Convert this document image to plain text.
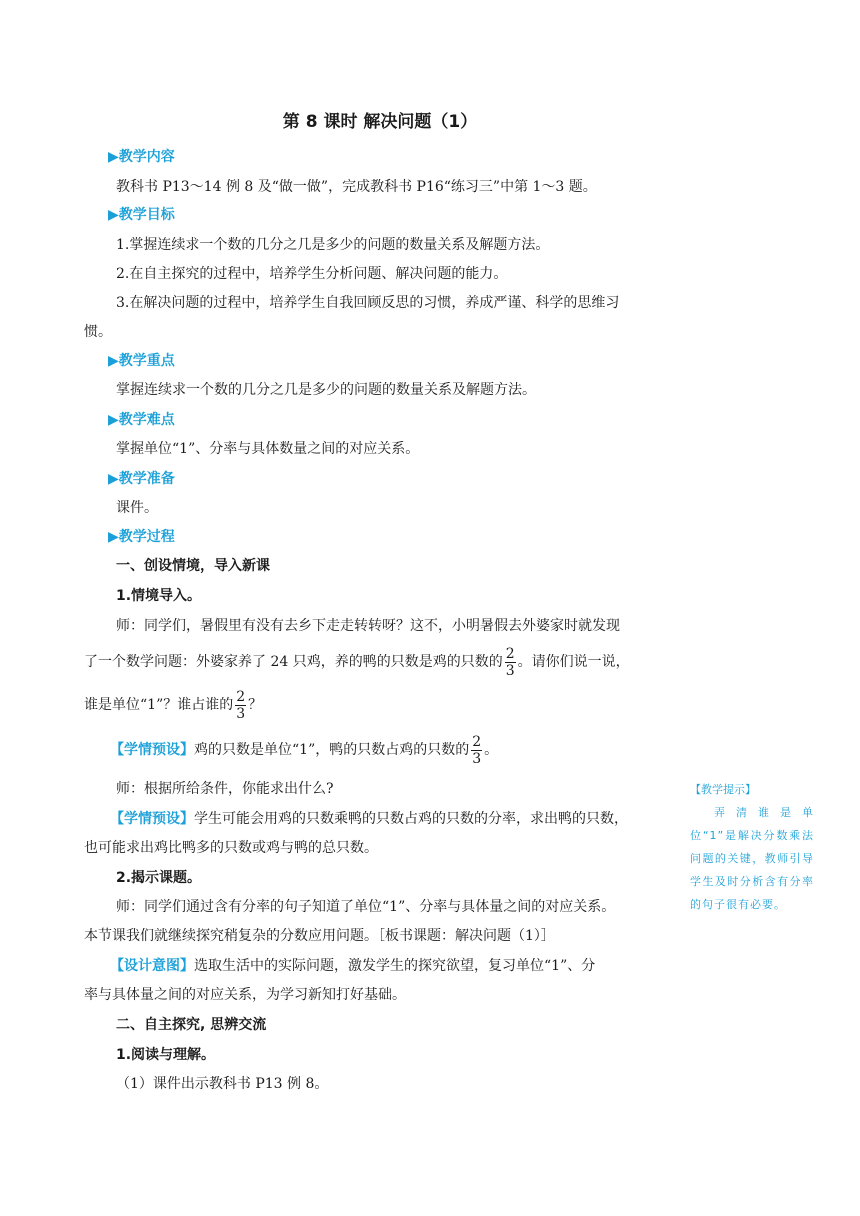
第 8 课时 解决问题（1）
▶教学内容
教科书 P13～14 例 8 及“做一做”，完成教科书 P16“练习三”中第 1～3 题。
▶教学目标
1.掌握连续求一个数的几分之几是多少的问题的数量关系及解题方法。
2.在自主探究的过程中，培养学生分析问题、解决问题的能力。
3.在解决问题的过程中，培养学生自我回顾反思的习惯，养成严谨、科学的思维习
惯。
▶教学重点
掌握连续求一个数的几分之几是多少的问题的数量关系及解题方法。
▶教学难点
掌握单位“1”、分率与具体数量之间的对应关系。
▶教学准备
课件。
▶教学过程
一、创设情境，导入新课
1.情境导入。
师：同学们，暑假里有没有去乡下走走转转呀？这不，小明暑假去外婆家时就发现
了一个数学问题：外婆家养了 24 只鸡，养的鸭的只数是鸡的只数的 $\frac{2}{3}$ 。请你们说一说，
谁是单位“1”？谁占谁的 $\frac{2}{3}$ ？
【学情预设】 鸡的只数是单位“1”，鸭的只数占鸡的只数的 $\frac{2}{3}$ 。
师：根据所给条件，你能求出什么?
【学情预设】学生可能会用鸡的只数乘鸭的只数占鸡的只数的分率，求出鸭的只数，
也可能求出鸡比鸭多的只数或鸡与鸭的总只数。
2.揭示课题。
师：同学们通过含有分率的句子知道了单位“1”、分率与具体量之间的对应关系。
本节课我们就继续探究稍复杂的分数应用问题。［板书课题：解决问题（1）］
【设计意图】选取生活中的实际问题，激发学生的探究欲望，复习单位“1”、分
率与具体量之间的对应关系，为学习新知打好基础。
二、自主探究, 思辨交流
1.阅读与理解。
（1）课件出示教科书 P13 例 8。
【教学提示】
弄清谁是单位“1”是解决分数乘法问题的关键，教师引导学生及时分析含有分率的句子很有必要。
